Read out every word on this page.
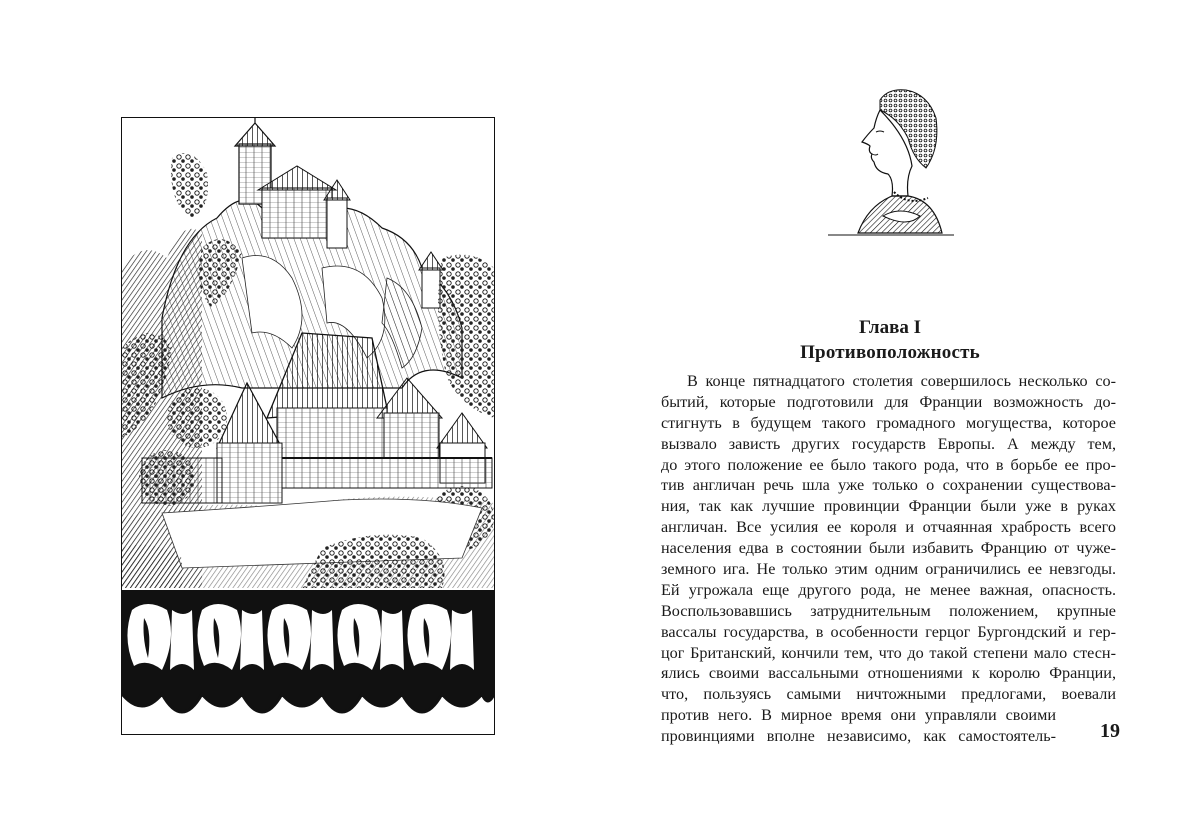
Глава I
Противоположность
В конце пятнадцатого столетия совершилось несколько со-
бытий, которые подготовили для Франции возможность до-
стигнуть в будущем такого громадного могущества, которое
вызвало зависть других государств Европы. А между тем,
до этого положение ее было такого рода, что в борьбе ее про-
тив англичан речь шла уже только о сохранении существова-
ния, так как лучшие провинции Франции были уже в руках
англичан. Все усилия ее короля и отчаянная храбрость всего
населения едва в состоянии были избавить Францию от чуже-
земного ига. Не только этим одним ограничились ее невзгоды.
Ей угрожала еще другого рода, не менее важная, опасность.
Воспользовавшись затруднительным положением, крупные
вассалы государства, в особенности герцог Бургондский и гер-
цог Британский, кончили тем, что до такой степени мало стесн-
ялись своими вассальными отношениями к королю Франции,
что, пользуясь самыми ничтожными предлогами, воевали
против него. В мирное время они управляли своими
провинциями вполне независимо, как самостоятель-	19
